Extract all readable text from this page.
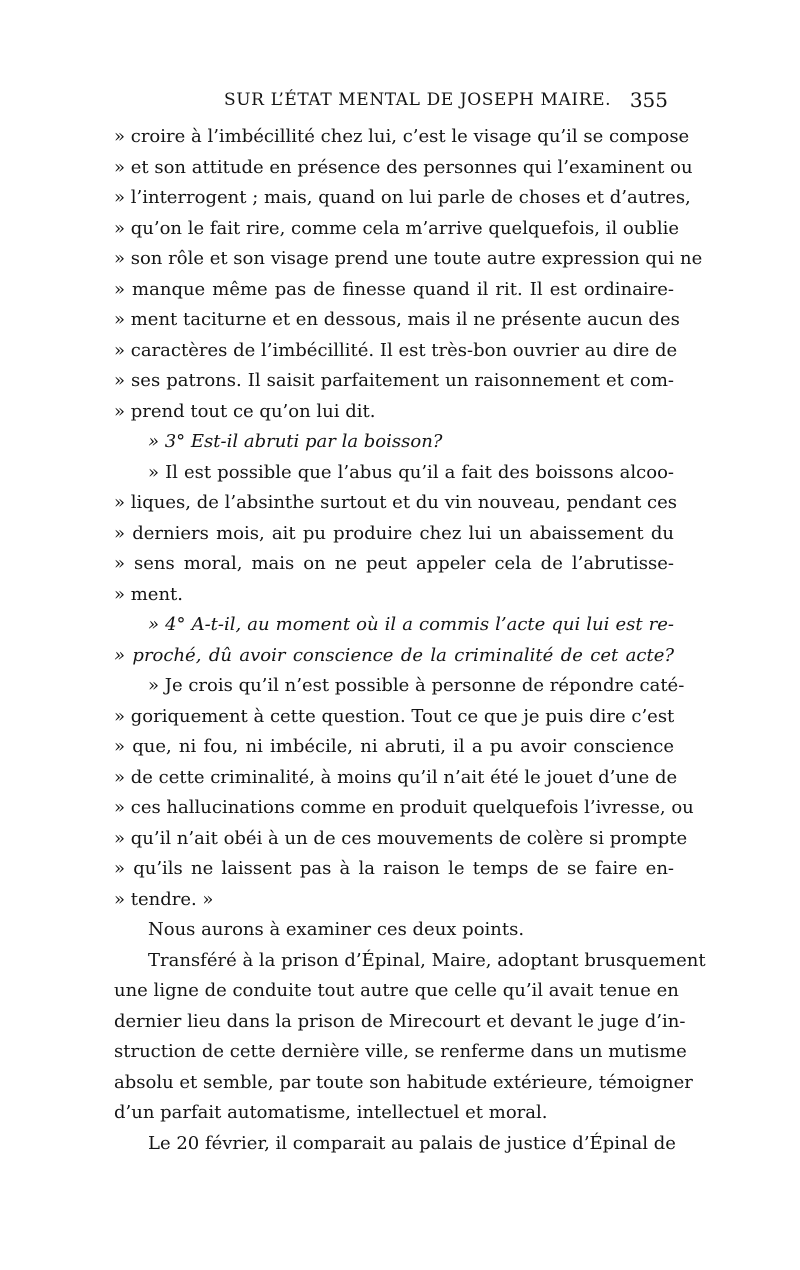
SUR L’ÉTAT MENTAL DE JOSEPH MAIRE. 355
» croire à l’imbécillité chez lui, c’est le visage qu’il se compose
» et son attitude en présence des personnes qui l’examinent ou
» l’interrogent ; mais, quand on lui parle de choses et d’autres,
» qu’on le fait rire, comme cela m’arrive quelquefois, il oublie
» son rôle et son visage prend une toute autre expression qui ne
» manque même pas de finesse quand il rit. Il est ordinaire-
» ment taciturne et en dessous, mais il ne présente aucun des
» caractères de l’imbécillité. Il est très-bon ouvrier au dire de
» ses patrons. Il saisit parfaitement un raisonnement et com-
» prend tout ce qu’on lui dit.
» 3° Est-il abruti par la boisson?
» Il est possible que l’abus qu’il a fait des boissons alcoo-
» liques, de l’absinthe surtout et du vin nouveau, pendant ces
» derniers mois, ait pu produire chez lui un abaissement du
» sens moral, mais on ne peut appeler cela de l’abrutisse-
» ment.
» 4° A-t-il, au moment où il a commis l’acte qui lui est re-
» proché, dû avoir conscience de la criminalité de cet acte?
» Je crois qu’il n’est possible à personne de répondre caté-
» goriquement à cette question. Tout ce que je puis dire c’est
» que, ni fou, ni imbécile, ni abruti, il a pu avoir conscience
» de cette criminalité, à moins qu’il n’ait été le jouet d’une de
» ces hallucinations comme en produit quelquefois l’ivresse, ou
» qu’il n’ait obéi à un de ces mouvements de colère si prompte
» qu’ils ne laissent pas à la raison le temps de se faire en-
» tendre. »
Nous aurons à examiner ces deux points.
Transféré à la prison d’Épinal, Maire, adoptant brusquement
une ligne de conduite tout autre que celle qu’il avait tenue en
dernier lieu dans la prison de Mirecourt et devant le juge d’in-
struction de cette dernière ville, se renferme dans un mutisme
absolu et semble, par toute son habitude extérieure, témoigner
d’un parfait automatisme, intellectuel et moral.
Le 20 février, il comparait au palais de justice d’Épinal de
